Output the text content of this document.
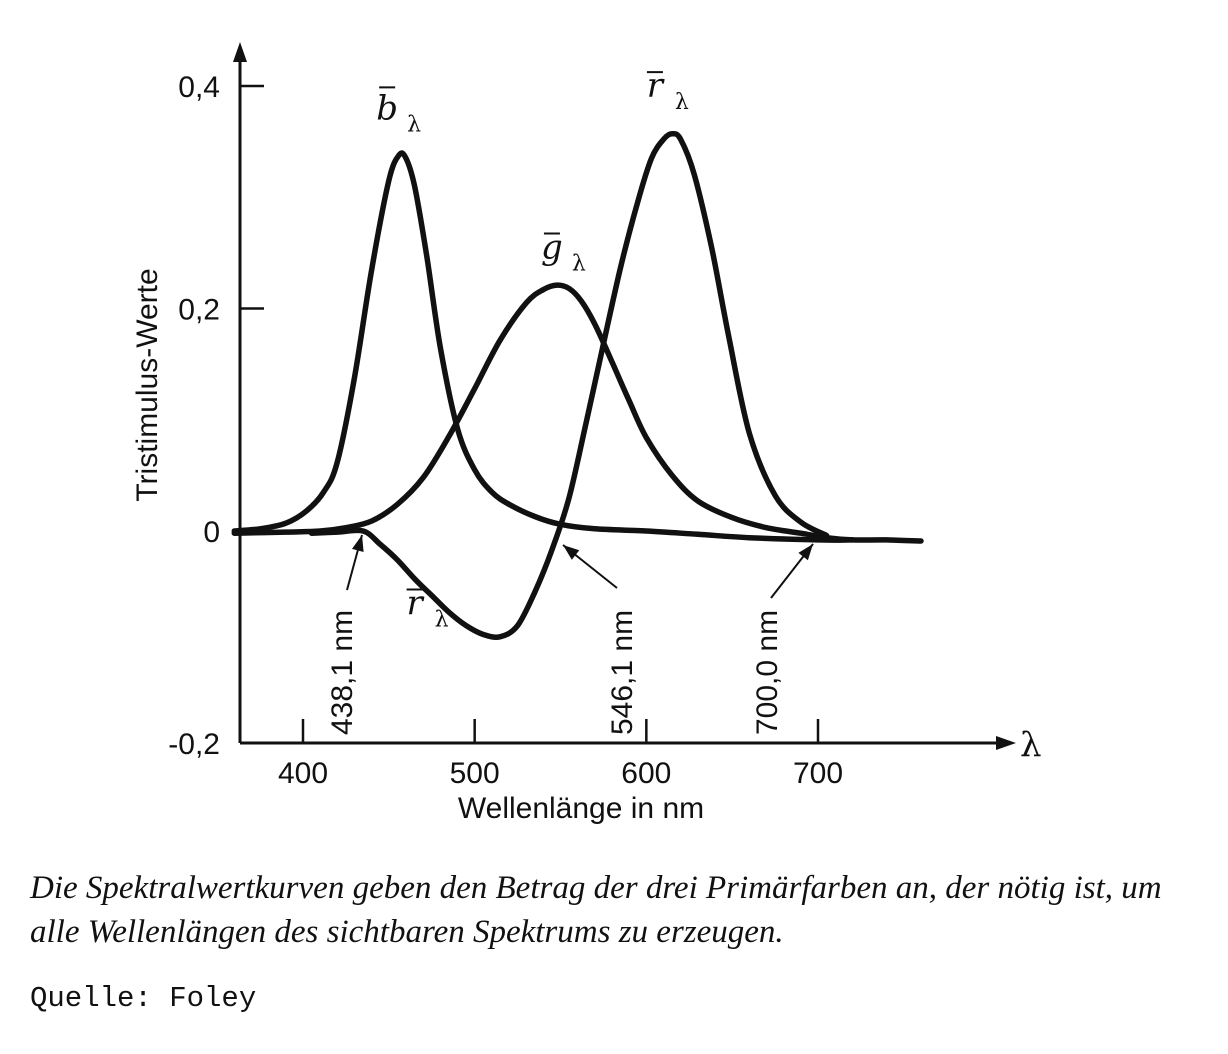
λ
400	500	600	700
0,4
0,2
0
-0,2
438,1 nm	546,1 nm	700,0 nm
b λ
g λ
r λ
r λ
Wellenlänge in nm
Tristimulus-Werte

Die Spektralwertkurven geben den Betrag der drei Primärfarben an, der nötig ist, um alle Wellenlängen des sichtbaren Spektrums zu erzeugen.

Quelle: Foley
